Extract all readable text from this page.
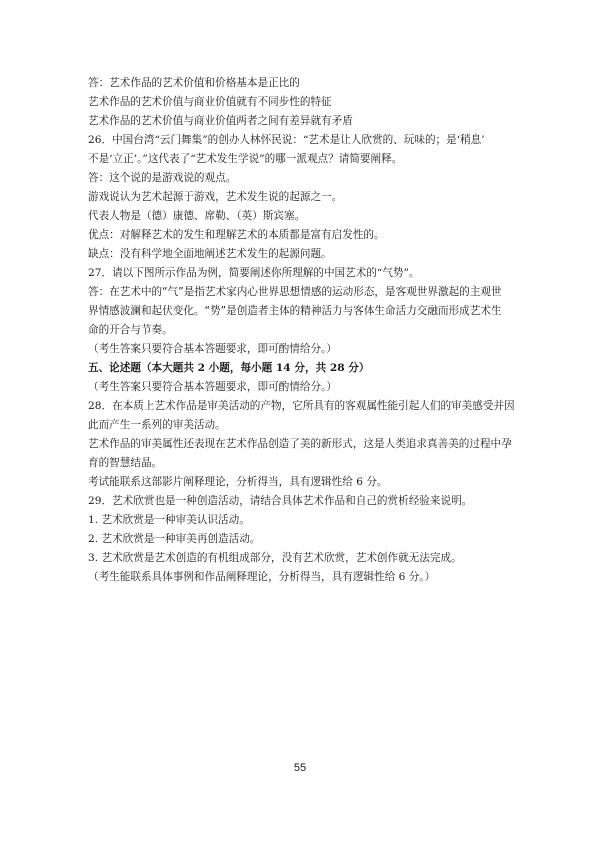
答：艺术作品的艺术价值和价格基本是正比的

艺术作品的艺术价值与商业价值就有不同步性的特征

艺术作品的艺术价值与商业价值两者之间有差异就有矛盾

26．中国台湾“云门舞集”的创办人林怀民说：“艺术是让人欣赏的、玩味的；是‘稍息’

不是‘立正’。”这代表了“艺术发生学说”的哪一派观点？请简要阐释。

答：这个说的是游戏说的观点。

游戏说认为艺术起源于游戏，艺术发生说的起源之一。

代表人物是（德）康德、席勒、（英）斯宾塞。

优点：对解释艺术的发生和理解艺术的本质都是富有启发性的。

缺点：没有科学地全面地阐述艺术发生的起源问题。

27．请以下图所示作品为例，简要阐述你所理解的中国艺术的“气势”。

答：在艺术中的“气”是指艺术家内心世界思想情感的运动形态，是客观世界激起的主观世

界情感波澜和起伏变化。“势”是创造者主体的精神活力与客体生命活力交融而形成艺术生

命的开合与节奏。

（考生答案只要符合基本答题要求，即可酌情给分。）

五、论述题（本大题共 2 小题，每小题 14 分，共 28 分）

（考生答案只要符合基本答题要求，即可酌情给分。）

28．在本质上艺术作品是审美活动的产物，它所具有的客观属性能引起人们的审美感受并因

此而产生一系列的审美活动。

艺术作品的审美属性还表现在艺术作品创造了美的新形式，这是人类追求真善美的过程中孕

育的智慧结晶。

考试能联系这部影片阐释理论，分析得当，具有逻辑性给 6 分。

29．艺术欣赏也是一种创造活动，请结合具体艺术作品和自己的赏析经验来说明。

1. 艺术欣赏是一种审美认识活动。

2. 艺术欣赏是一种审美再创造活动。

3. 艺术欣赏是艺术创造的有机组成部分，没有艺术欣赏，艺术创作就无法完成。

（考生能联系具体事例和作品阐释理论，分析得当，具有逻辑性给 6 分。）

55
